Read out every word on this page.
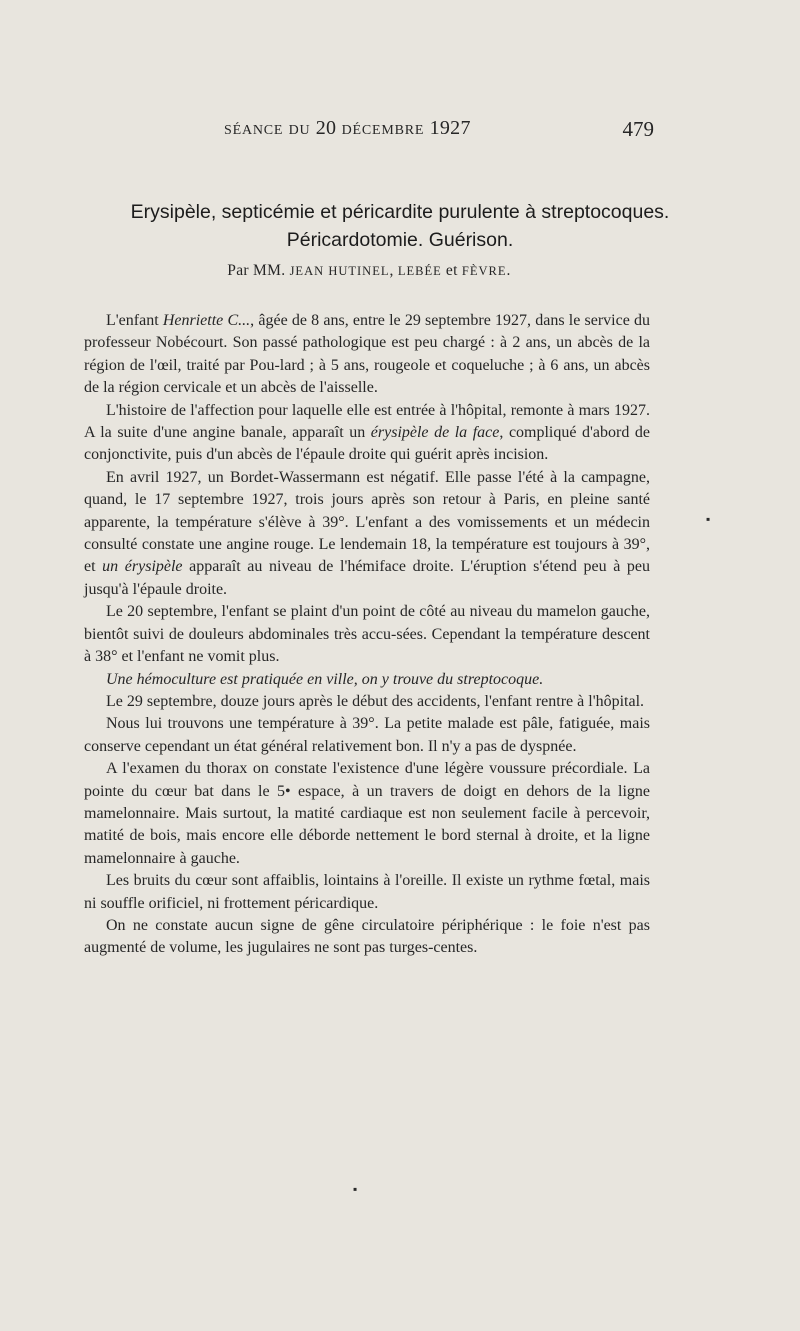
SÉANCE DU 20 DÉCEMBRE 1927	479
Erysipèle, septicémie et péricardite purulente à streptocoques.
Péricardotomie. Guérison.
Par MM. JEAN HUTINEL, LEBÉE et FÈVRE.

L'enfant Henriette C..., âgée de 8 ans, entre le 29 septembre 1927, dans le service du professeur Nobécourt. Son passé pathologique est peu chargé : à 2 ans, un abcès de la région de l'œil, traité par Pou-lard ; à 5 ans, rougeole et coqueluche ; à 6 ans, un abcès de la région cervicale et un abcès de l'aisselle.

L'histoire de l'affection pour laquelle elle est entrée à l'hôpital, remonte à mars 1927. A la suite d'une angine banale, apparaît un érysipèle de la face, compliqué d'abord de conjonctivite, puis d'un abcès de l'épaule droite qui guérit après incision.

En avril 1927, un Bordet-Wassermann est négatif. Elle passe l'été à la campagne, quand, le 17 septembre 1927, trois jours après son retour à Paris, en pleine santé apparente, la température s'élève à 39°. L'enfant a des vomissements et un médecin consulté constate une angine rouge. Le lendemain 18, la température est toujours à 39°, et un érysipèle apparaît au niveau de l'hémiface droite. L'éruption s'étend peu à peu jusqu'à l'épaule droite.

Le 20 septembre, l'enfant se plaint d'un point de côté au niveau du mamelon gauche, bientôt suivi de douleurs abdominales très accu-sées. Cependant la température descent à 38° et l'enfant ne vomit plus.

Une hémoculture est pratiquée en ville, on y trouve du streptocoque.

Le 29 septembre, douze jours après le début des accidents, l'enfant rentre à l'hôpital.

Nous lui trouvons une température à 39°. La petite malade est pâle, fatiguée, mais conserve cependant un état général relativement bon. Il n'y a pas de dyspnée.

A l'examen du thorax on constate l'existence d'une légère voussure précordiale. La pointe du cœur bat dans le 5• espace, à un travers de doigt en dehors de la ligne mamelonnaire. Mais surtout, la matité cardiaque est non seulement facile à percevoir, matité de bois, mais encore elle déborde nettement le bord sternal à droite, et la ligne mamelonnaire à gauche.

Les bruits du cœur sont affaiblis, lointains à l'oreille. Il existe un rythme fœtal, mais ni souffle orificiel, ni frottement péricardique.

On ne constate aucun signe de gêne circulatoire périphérique : le foie n'est pas augmenté de volume, les jugulaires ne sont pas turges-centes.

▪
▪
